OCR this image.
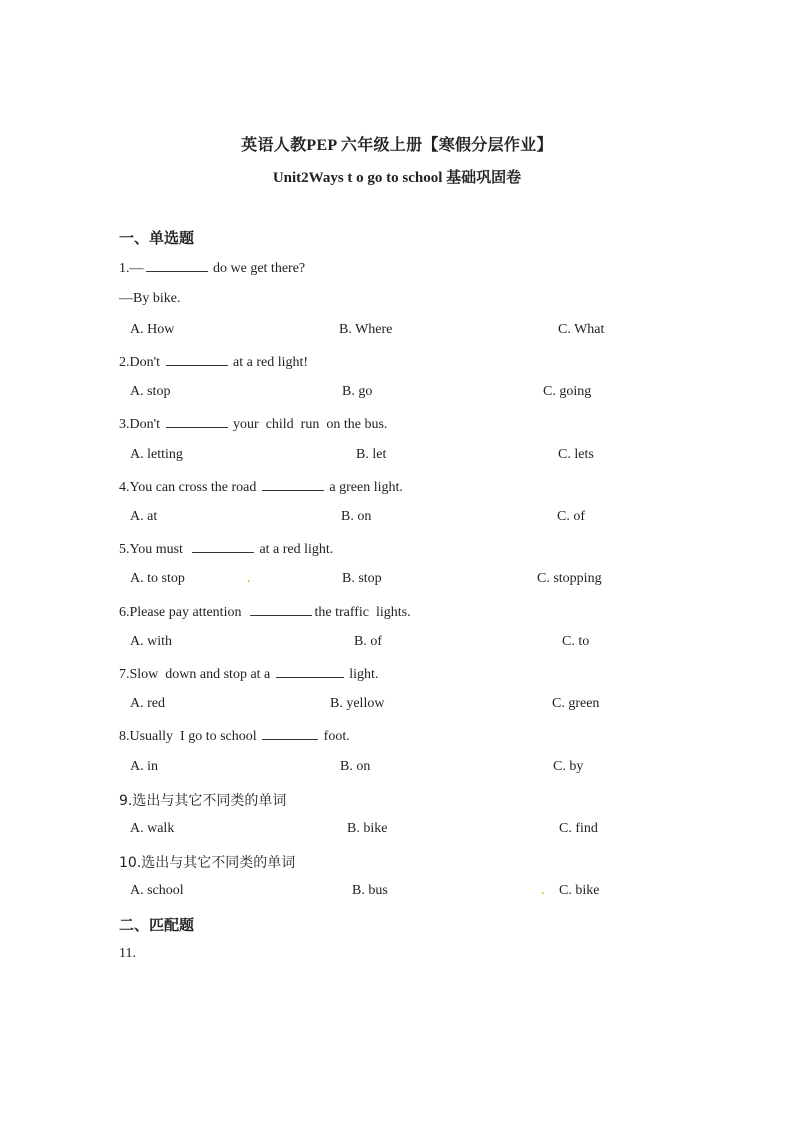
英语人教PEP 六年级上册【寒假分层作业】
Unit2Ways t o go to school 基础巩固卷
一、单选题
1.—	do we get there?
—By bike.
A. How	B. Where	C. What
2.Don't	at a red light!
A. stop	B. go	C. going
3.Don't	your  child  run  on the bus.
A. letting	B. let	C. lets
4.You can cross the road	a green light.
A. at	B. on	C. of
5.You must	at a red light.
A. to stop	.	B. stop	C. stopping
6.Please pay attention	the traffic  lights.
A. with	B. of	C. to
7.Slow  down and stop at a	light.
A. red	B. yellow	C. green
8.Usually  I go to school	foot.
A. in	B. on	C. by
9.选出与其它不同类的单词
A. walk	B. bike	C. find
10.选出与其它不同类的单词
A. school	B. bus	. C. bike
二、匹配题
11.
